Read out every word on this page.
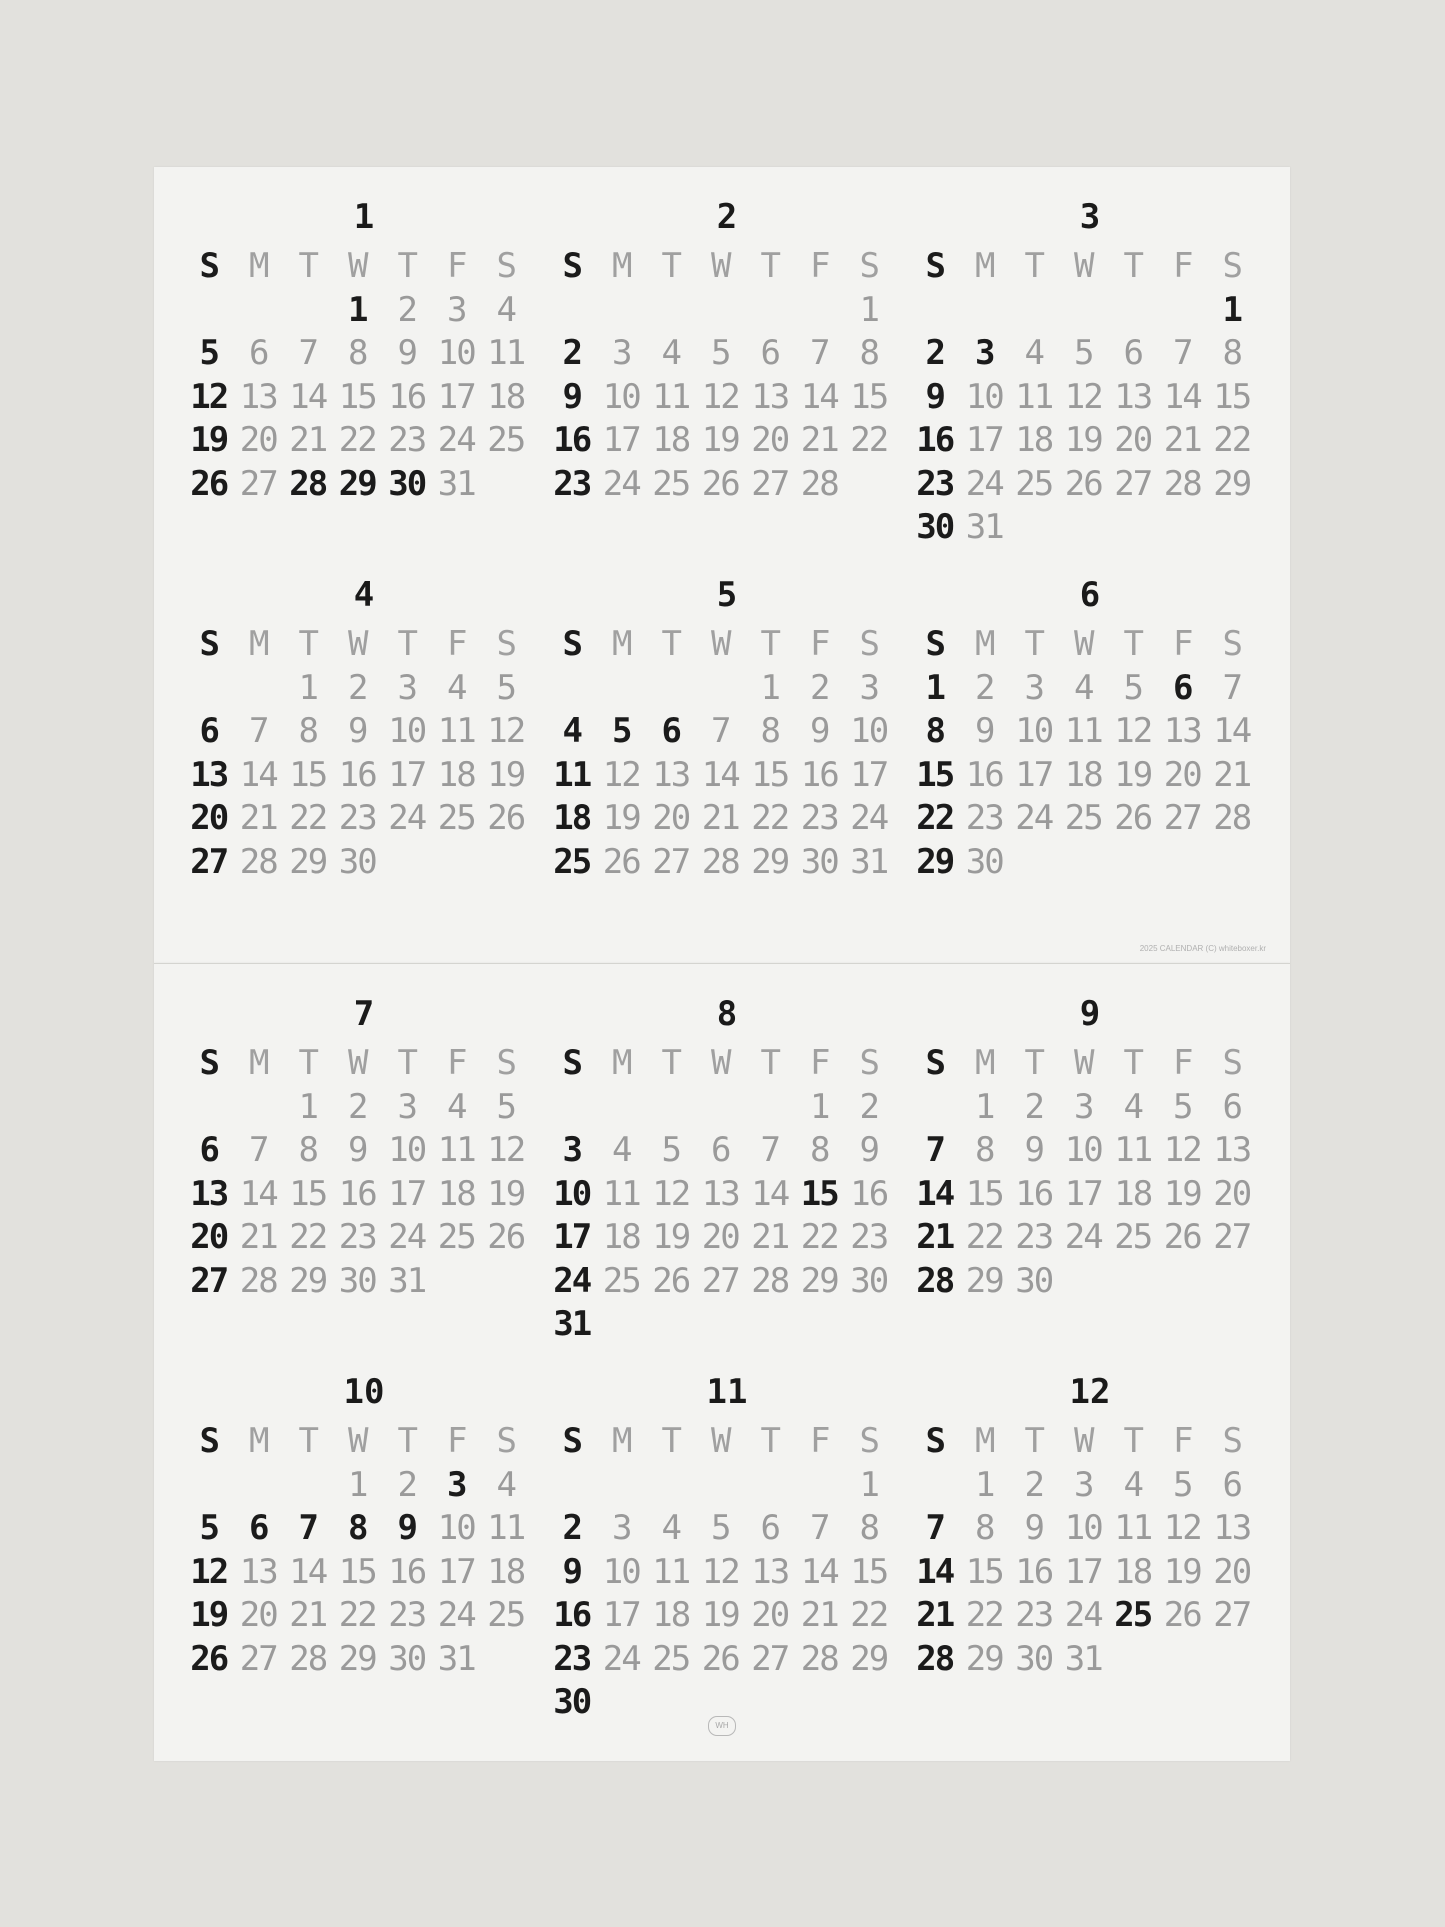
1
S M T W T F S
1 2 3 4
5 6 7 8 9 10 11
12 13 14 15 16 17 18
19 20 21 22 23 24 25
26 27 28 29 30 31
2
S M T W T F S
1
2 3 4 5 6 7 8
9 10 11 12 13 14 15
16 17 18 19 20 21 22
23 24 25 26 27 28
3
S M T W T F S
1
2 3 4 5 6 7 8
9 10 11 12 13 14 15
16 17 18 19 20 21 22
23 24 25 26 27 28 29
30 31
4
S M T W T F S
1 2 3 4 5
6 7 8 9 10 11 12
13 14 15 16 17 18 19
20 21 22 23 24 25 26
27 28 29 30
5
S M T W T F S
1 2 3
4 5 6 7 8 9 10
11 12 13 14 15 16 17
18 19 20 21 22 23 24
25 26 27 28 29 30 31
6
S M T W T F S
1 2 3 4 5 6 7
8 9 10 11 12 13 14
15 16 17 18 19 20 21
22 23 24 25 26 27 28
29 30
2025 CALENDAR (C) whiteboxer.kr
7
S M T W T F S
1 2 3 4 5
6 7 8 9 10 11 12
13 14 15 16 17 18 19
20 21 22 23 24 25 26
27 28 29 30 31
8
S M T W T F S
1 2
3 4 5 6 7 8 9
10 11 12 13 14 15 16
17 18 19 20 21 22 23
24 25 26 27 28 29 30
31
9
S M T W T F S
1 2 3 4 5 6
7 8 9 10 11 12 13
14 15 16 17 18 19 20
21 22 23 24 25 26 27
28 29 30
10
S M T W T F S
1 2 3 4
5 6 7 8 9 10 11
12 13 14 15 16 17 18
19 20 21 22 23 24 25
26 27 28 29 30 31
11
S M T W T F S
1
2 3 4 5 6 7 8
9 10 11 12 13 14 15
16 17 18 19 20 21 22
23 24 25 26 27 28 29
30
12
S M T W T F S
1 2 3 4 5 6
7 8 9 10 11 12 13
14 15 16 17 18 19 20
21 22 23 24 25 26 27
28 29 30 31
WH
